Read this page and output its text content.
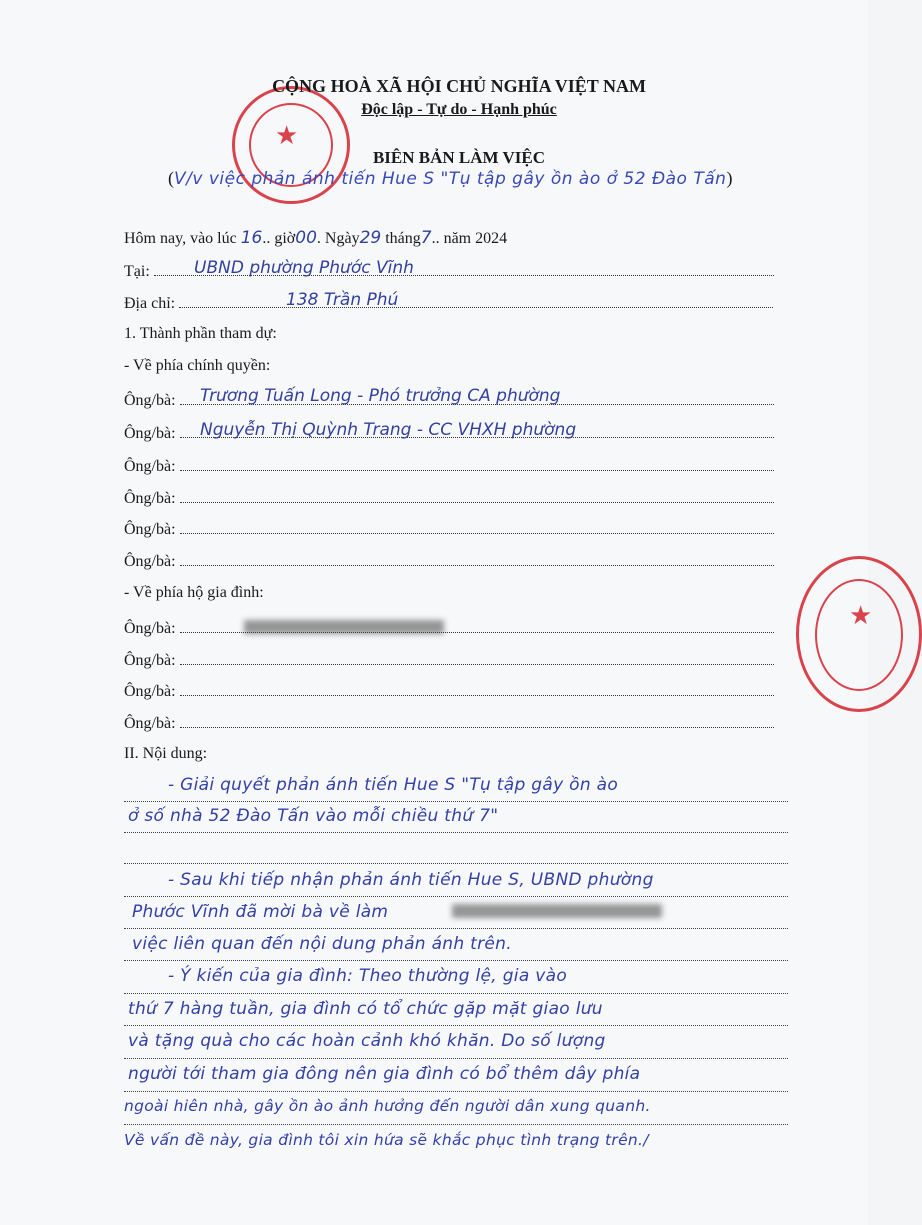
★
★
CỘNG HOÀ XÃ HỘI CHỦ NGHĨA VIỆT NAM
Độc lập - Tự do - Hạnh phúc
BIÊN BẢN LÀM VIỆC
(V/v việc phản ánh tiến Hue S "Tụ tập gây ồn ào ở 52 Đào Tấn)
Hôm nay, vào lúc 16.. giờ00. Ngày29 tháng7.. năm 2024
Tại:	UBND phường Phước Vĩnh
Địa chỉ:	138 Trần Phú
1. Thành phần tham dự:
- Về phía chính quyền:
Ông/bà:	Trương Tuấn Long - Phó trưởng CA phường
Ông/bà:	Nguyễn Thị Quỳnh Trang - CC VHXH phường
Ông/bà:
Ông/bà:
Ông/bà:
Ông/bà:
- Về phía hộ gia đình:
Ông/bà:
Ông/bà:
Ông/bà:
Ông/bà:
II. Nội dung:
- Giải quyết phản ánh tiến Hue S "Tụ tập gây ồn ào
ở số nhà 52 Đào Tấn vào mỗi chiều thứ 7"
- Sau khi tiếp nhận phản ánh tiến Hue S, UBND phường
Phước Vĩnh đã mời bà về làm
việc liên quan đến nội dung phản ánh trên.
- Ý kiến của gia đình: Theo thường lệ, gia vào
thứ 7 hàng tuần, gia đình có tổ chức gặp mặt giao lưu
và tặng quà cho các hoàn cảnh khó khăn. Do số lượng
người tới tham gia đông nên gia đình có bổ thêm dây phía
ngoài hiên nhà, gây ồn ào ảnh hưởng đến người dân xung quanh.
Về vấn đề này, gia đình tôi xin hứa sẽ khắc phục tình trạng trên./
